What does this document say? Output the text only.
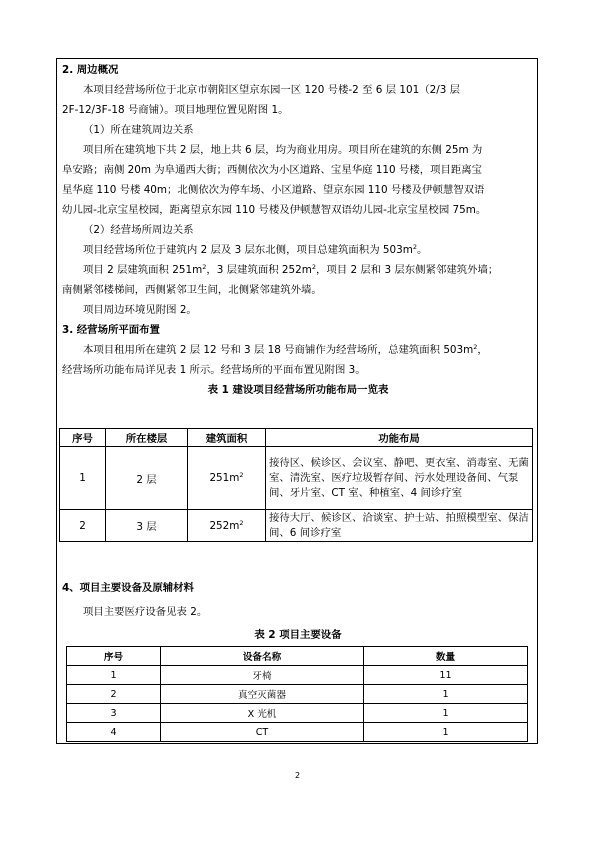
2. 周边概况

本项目经营场所位于北京市朝阳区望京东园一区 120 号楼-2 至 6 层 101（2/3 层

2F-12/3F-18 号商铺）。项目地理位置见附图 1。

（1）所在建筑周边关系

项目所在建筑地下共 2 层，地上共 6 层，均为商业用房。项目所在建筑的东侧 25m 为

阜安路；南侧 20m 为阜通西大街；西侧依次为小区道路、宝星华庭 110 号楼，项目距离宝

星华庭 110 号楼 40m；北侧依次为停车场、小区道路、望京东园 110 号楼及伊顿慧智双语

幼儿园-北京宝星校园，距离望京东园 110 号楼及伊顿慧智双语幼儿园-北京宝星校园 75m。

（2）经营场所周边关系

项目经营场所位于建筑内 2 层及 3 层东北侧，项目总建筑面积为 $503m^2$。

项目 2 层建筑面积 $251m^2$，3 层建筑面积 $252m^2$，项目 2 层和 3 层东侧紧邻建筑外墙；

南侧紧邻楼梯间，西侧紧邻卫生间，北侧紧邻建筑外墙。

项目周边环境见附图 2。

3. 经营场所平面布置

本项目租用所在建筑 2 层 12 号和 3 层 18 号商铺作为经营场所，总建筑面积 $503m^2$，

经营场所功能布局详见表 1 所示。经营场所的平面布置见附图 3。

表 1 建设项目经营场所功能布局一览表

序号	所在楼层	建筑面积	功能布局
1	2 层	$251m^2$	接待区、候诊区、会议室、静吧、更衣室、消毒室、无菌室、清洗室、医疗垃圾暂存间、污水处理设备间、气泵间、牙片室、CT 室、种植室、4 间诊疗室
2	3 层	$252m^2$	接待大厅、候诊区、洽谈室、护士站、拍照模型室、保洁间、6 间诊疗室

4、项目主要设备及原辅材料

项目主要医疗设备见表 2。

表 2 项目主要设备

序号	设备名称	数量
1	牙椅	11
2	真空灭菌器	1
3	X 光机	1
4	CT	1
2
